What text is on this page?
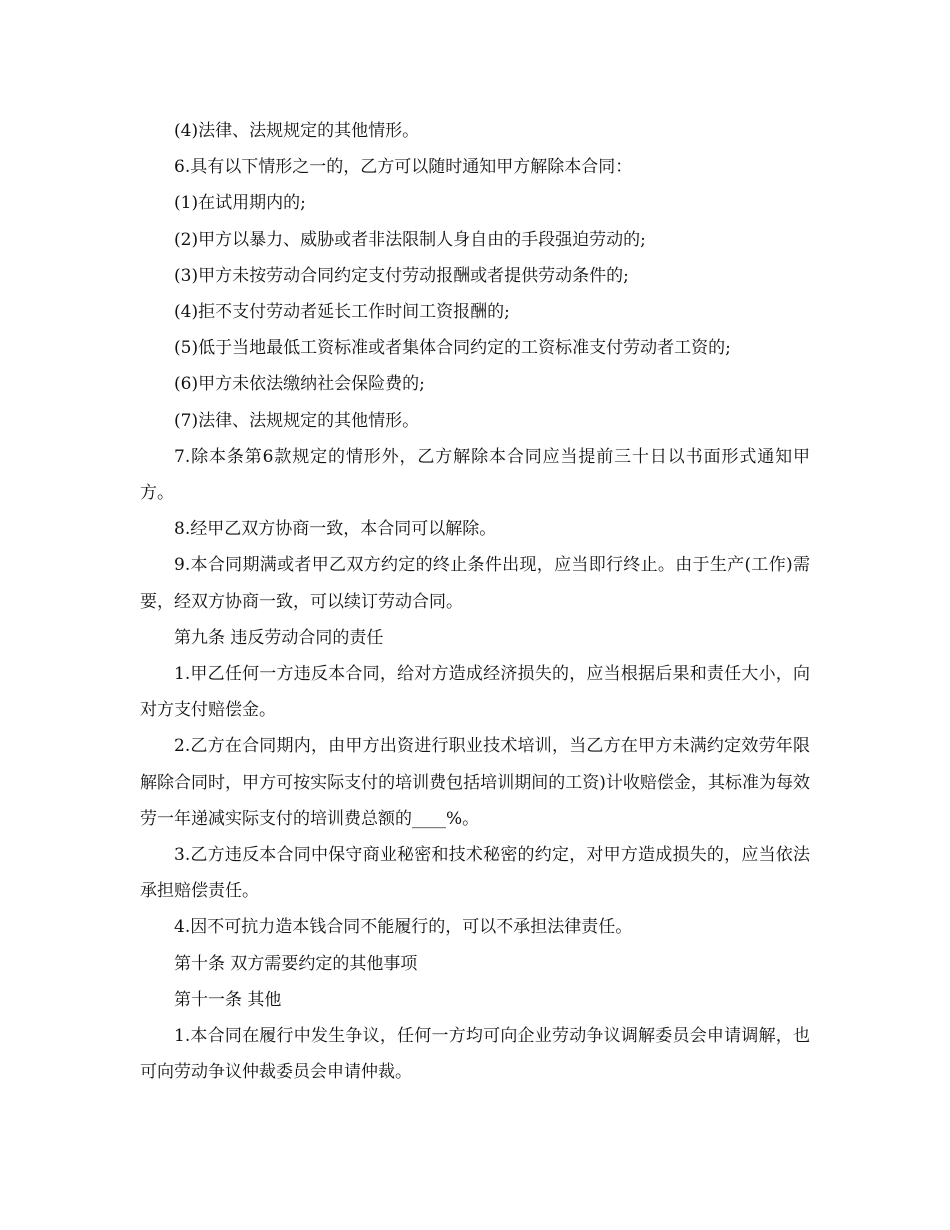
(4)法律、法规规定的其他情形。

6.具有以下情形之一的，乙方可以随时通知甲方解除本合同：

(1)在试用期内的;

(2)甲方以暴力、威胁或者非法限制人身自由的手段强迫劳动的;

(3)甲方未按劳动合同约定支付劳动报酬或者提供劳动条件的;

(4)拒不支付劳动者延长工作时间工资报酬的;

(5)低于当地最低工资标准或者集体合同约定的工资标准支付劳动者工资的;

(6)甲方未依法缴纳社会保险费的;

(7)法律、法规规定的其他情形。

7.除本条第6款规定的情形外，乙方解除本合同应当提前三十日以书面形式通知甲方。

8.经甲乙双方协商一致，本合同可以解除。

9.本合同期满或者甲乙双方约定的终止条件出现，应当即行终止。由于生产(工作)需要，经双方协商一致，可以续订劳动合同。

第九条 违反劳动合同的责任

1.甲乙任何一方违反本合同，给对方造成经济损失的，应当根据后果和责任大小，向对方支付赔偿金。

2.乙方在合同期内，由甲方出资进行职业技术培训，当乙方在甲方未满约定效劳年限解除合同时，甲方可按实际支付的培训费包括培训期间的工资)计收赔偿金，其标准为每效劳一年递减实际支付的培训费总额的____%。

3.乙方违反本合同中保守商业秘密和技术秘密的约定，对甲方造成损失的，应当依法承担赔偿责任。

4.因不可抗力造本钱合同不能履行的，可以不承担法律责任。

第十条 双方需要约定的其他事项

第十一条 其他

1.本合同在履行中发生争议，任何一方均可向企业劳动争议调解委员会申请调解，也可向劳动争议仲裁委员会申请仲裁。
